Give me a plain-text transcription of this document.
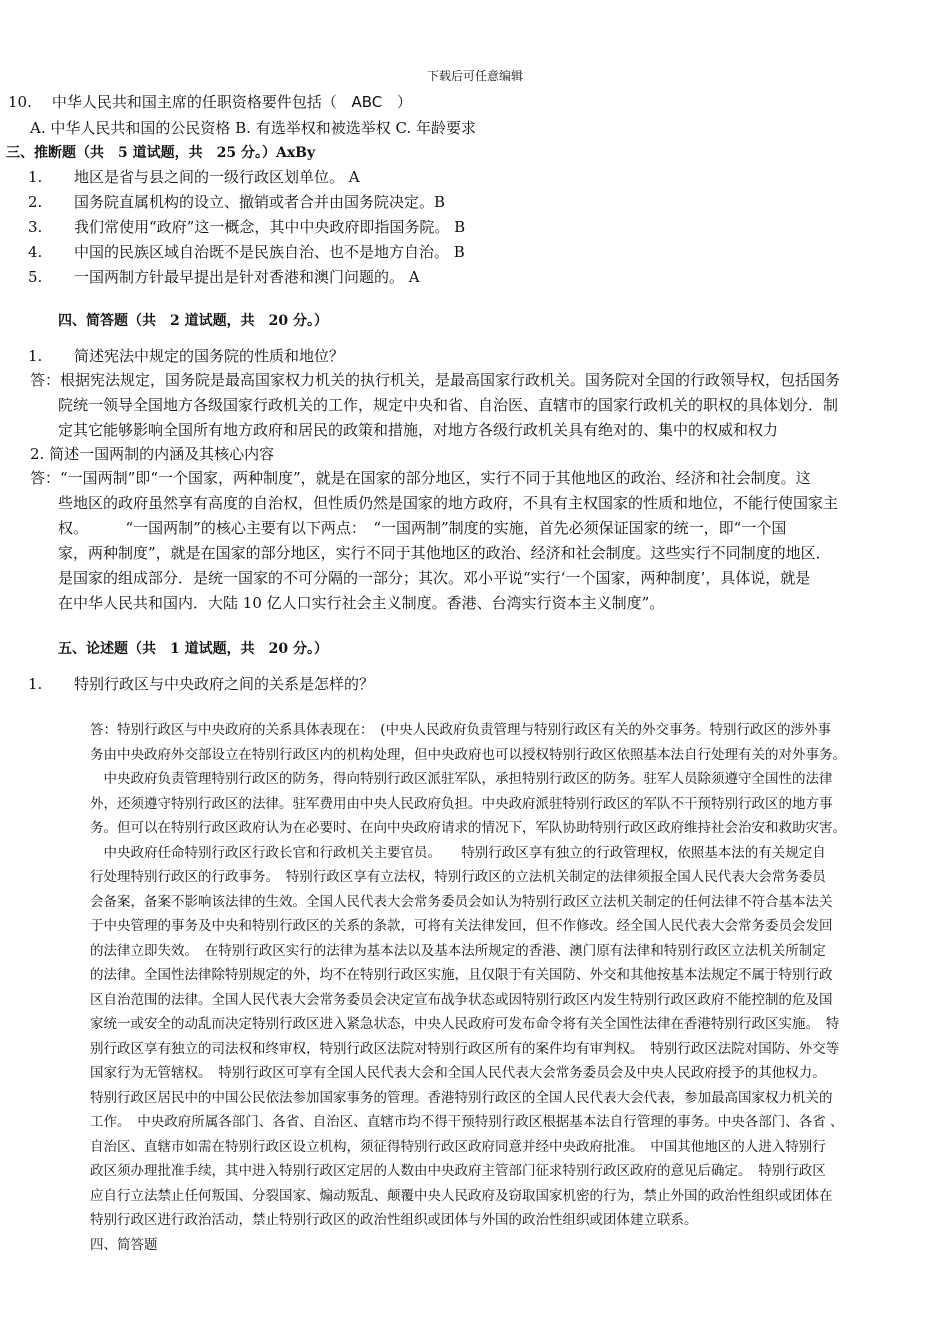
下载后可任意编辑
10. 中华人民共和国主席的任职资格要件包括（ ABC ）
A. 中华人民共和国的公民资格 B. 有选举权和被选举权 C. 年龄要求
三、推断题（共　5 道试题，共　25 分。）AxBy
1. 地区是省与县之间的一级行政区划单位。 A
2. 国务院直属机构的设立、撤销或者合并由国务院决定。B
3. 我们常使用“政府”这一概念，其中中央政府即指国务院。 B
4. 中国的民族区域自治既不是民族自治、也不是地方自治。 B
5. 一国两制方针最早提出是针对香港和澳门问题的。 A
四、简答题（共　2 道试题，共　20 分。）
1. 简述宪法中规定的国务院的性质和地位？
答：根据宪法规定，国务院是最高国家权力机关的执行机关，是最高国家行政机关。国务院对全国的行政领导权，包括国务
院统一领导全国地方各级国家行政机关的工作，规定中央和省、自治医、直辖市的国家行政机关的职权的具体划分．制
定其它能够影响全国所有地方政府和居民的政策和措施，对地方各级行政机关具有绝对的、集中的权威和权力
2. 简述一国两制的内涵及其核心内容
答：“一国两制”即“一个国家，两种制度”，就是在国家的部分地区，实行不同于其他地区的政治、经济和社会制度。这
些地区的政府虽然享有高度的自治权，但性质仍然是国家的地方政府，不具有主权国家的性质和地位，不能行使国家主
权。　　　“一国两制”的核心主要有以下两点：　“一国两制”制度的实施，首先必须保证国家的统一，即“一个国
家，两种制度”，就是在国家的部分地区，实行不同于其他地区的政治、经济和社会制度。这些实行不同制度的地区．
是国家的组成部分．是统一国家的不可分隔的一部分；其次。邓小平说“实行‘一个国家，两种制度’，具体说，就是
在中华人民共和国内．大陆 10 亿人口实行社会主义制度。香港、台湾实行资本主义制度”。
五、论述题（共　1 道试题，共　20 分。）
1. 特别行政区与中央政府之间的关系是怎样的？
答：特别行政区与中央政府的关系具体表现在：　(中央人民政府负责管理与特别行政区有关的外交事务。特别行政区的涉外事
务由中央政府外交部设立在特别行政区内的机构处理，但中央政府也可以授权特别行政区依照基本法自行处理有关的对外事务。
　中央政府负责管理特别行政区的防务，得向特别行政区派驻军队，承担特别行政区的防务。驻军人员除须遵守全国性的法律
外，还须遵守特别行政区的法律。驻军费用由中央人民政府负担。中央政府派驻特别行政区的军队不干预特别行政区的地方事
务。但可以在特别行政区政府认为在必要时、在向中央政府请求的情况下，军队协助特别行政区政府维持社会治安和救助灾害。
　中央政府任命特别行政区行政长官和行政机关主要官员。　　特别行政区享有独立的行政管理权，依照基本法的有关规定自
行处理特别行政区的行政事务。　特别行政区享有立法权，特别行政区的立法机关制定的法律须报全国人民代表大会常务委员
会备案，备案不影响该法律的生效。全国人民代表大会常务委员会如认为特别行政区立法机关制定的任何法律不符合基本法关
于中央管理的事务及中央和特别行政区的关系的条款，可将有关法律发回，但不作修改。经全国人民代表大会常务委员会发回
的法律立即失效。　在特别行政区实行的法律为基本法以及基本法所规定的香港、澳门原有法律和特别行政区立法机关所制定
的法律。全国性法律除特别规定的外，均不在特别行政区实施，且仅限于有关国防、外交和其他按基本法规定不属于特别行政
区自治范围的法律。全国人民代表大会常务委员会决定宣布战争状态或因特别行政区内发生特别行政区政府不能控制的危及国
家统一或安全的动乱而决定特别行政区进入紧急状态，中央人民政府可发布命令将有关全国性法律在香港特别行政区实施。　特
别行政区享有独立的司法权和终审权，特别行政区法院对特别行政区所有的案件均有审判权。　特别行政区法院对国防、外交等
国家行为无管辖权。　特别行政区可享有全国人民代表大会和全国人民代表大会常务委员会及中央人民政府授予的其他权力。
特别行政区居民中的中国公民依法参加国家事务的管理。香港特别行政区的全国人民代表大会代表，参加最高国家权力机关的
工作。　中央政府所属各部门、各省、自治区、直辖市均不得干预特别行政区根据基本法自行管理的事务。中央各部门、各省 、
自治区、直辖市如需在特别行政区设立机构，须征得特别行政区政府同意并经中央政府批准。　中国其他地区的人进入特别行
政区须办理批准手续，其中进入特别行政区定居的人数由中央政府主管部门征求特别行政区政府的意见后确定。　特别行政区
应自行立法禁止任何叛国、分裂国家、煽动叛乱、颠覆中央人民政府及窃取国家机密的行为，禁止外国的政治性组织或团体在
特别行政区进行政治活动，禁止特别行政区的政治性组织或团体与外国的政治性组织或团体建立联系。
四、简答题
